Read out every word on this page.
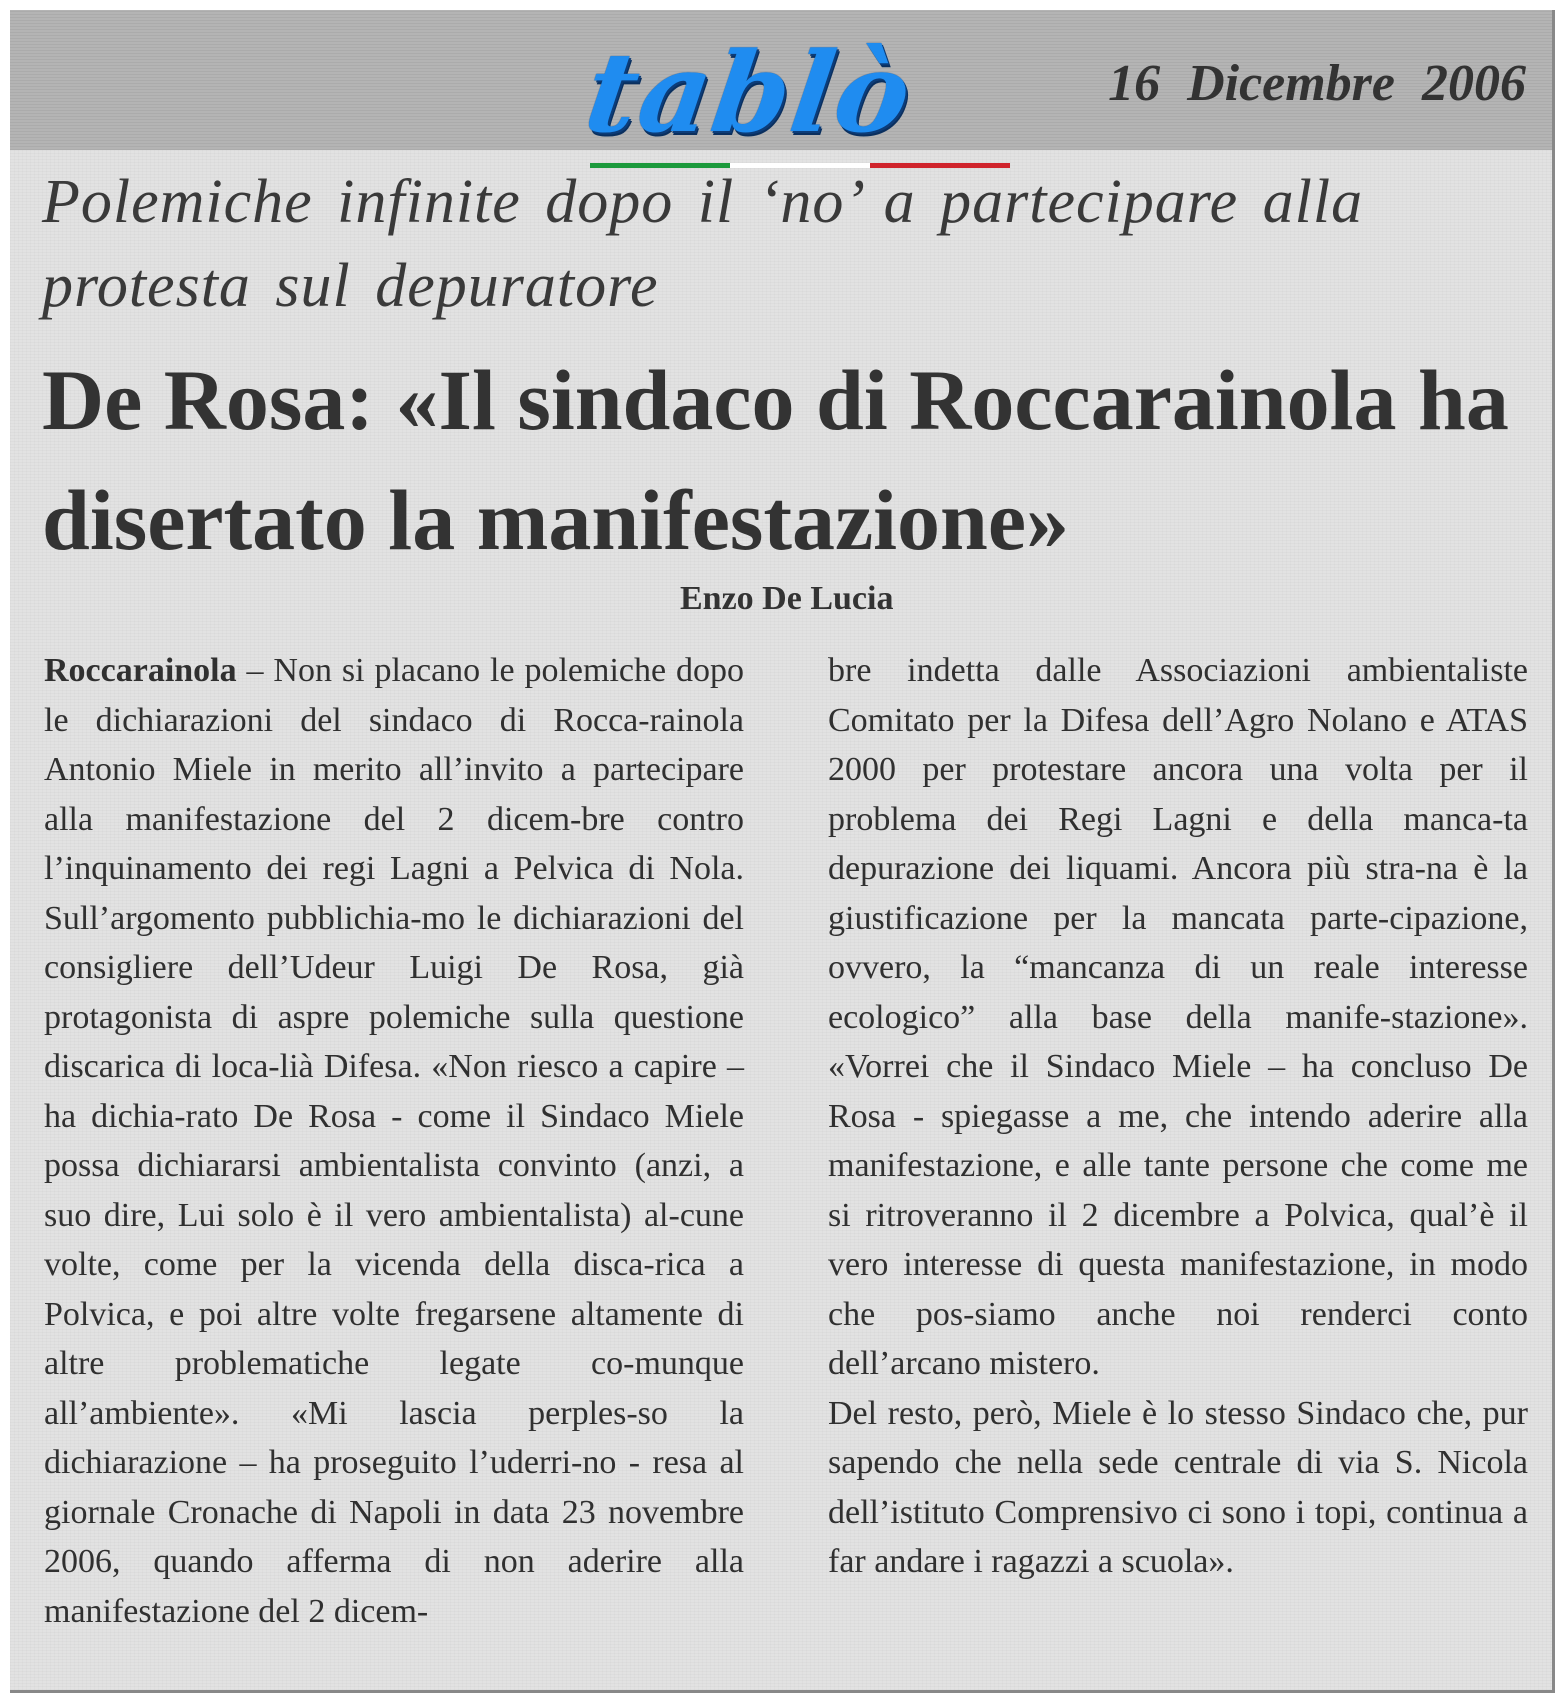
tablò	16 Dicembre 2006
Polemiche infinite dopo il ‘no’ a partecipare alla protesta sul depuratore
De Rosa: «Il sindaco di Roccarainola ha disertato la manifestazione»
Enzo De Lucia

Roccarainola – Non si placano le polemiche dopo le dichiarazioni del sindaco di Rocca-rainola Antonio Miele in merito all’invito a partecipare alla manifestazione del 2 dicem-bre contro l’inquinamento dei regi Lagni a Pelvica di Nola. Sull’argomento pubblichia-mo le dichiarazioni del consigliere dell’Udeur Luigi De Rosa, già protagonista di aspre polemiche sulla questione discarica di loca-lià Difesa. «Non riesco a capire – ha dichia-rato De Rosa - come il Sindaco Miele possa dichiararsi ambientalista convinto (anzi, a suo dire, Lui solo è il vero ambientalista) al-cune volte, come per la vicenda della disca-rica a Polvica, e poi altre volte fregarsene altamente di altre problematiche legate co-munque all’ambiente». «Mi lascia perples-so la dichiarazione – ha proseguito l’uderri-no - resa al giornale Cronache di Napoli in data 23 novembre 2006, quando afferma di non aderire alla manifestazione del 2 dicem-

bre indetta dalle Associazioni ambientaliste Comitato per la Difesa dell’Agro Nolano e ATAS 2000 per protestare ancora una volta per il problema dei Regi Lagni e della manca-ta depurazione dei liquami. Ancora più stra-na è la giustificazione per la mancata parte-cipazione, ovvero, la “mancanza di un reale interesse ecologico” alla base della manife-stazione». «Vorrei che il Sindaco Miele – ha concluso De Rosa - spiegasse a me, che intendo aderire alla manifestazione, e alle tante persone che come me si ritroveranno il 2 dicembre a Polvica, qual’è il vero interesse di questa manifestazione, in modo che pos-siamo anche noi renderci conto dell’arcano mistero.

Del resto, però, Miele è lo stesso Sindaco che, pur sapendo che nella sede centrale di via S. Nicola dell’istituto Comprensivo ci sono i topi, continua a far andare i ragazzi a scuola».
